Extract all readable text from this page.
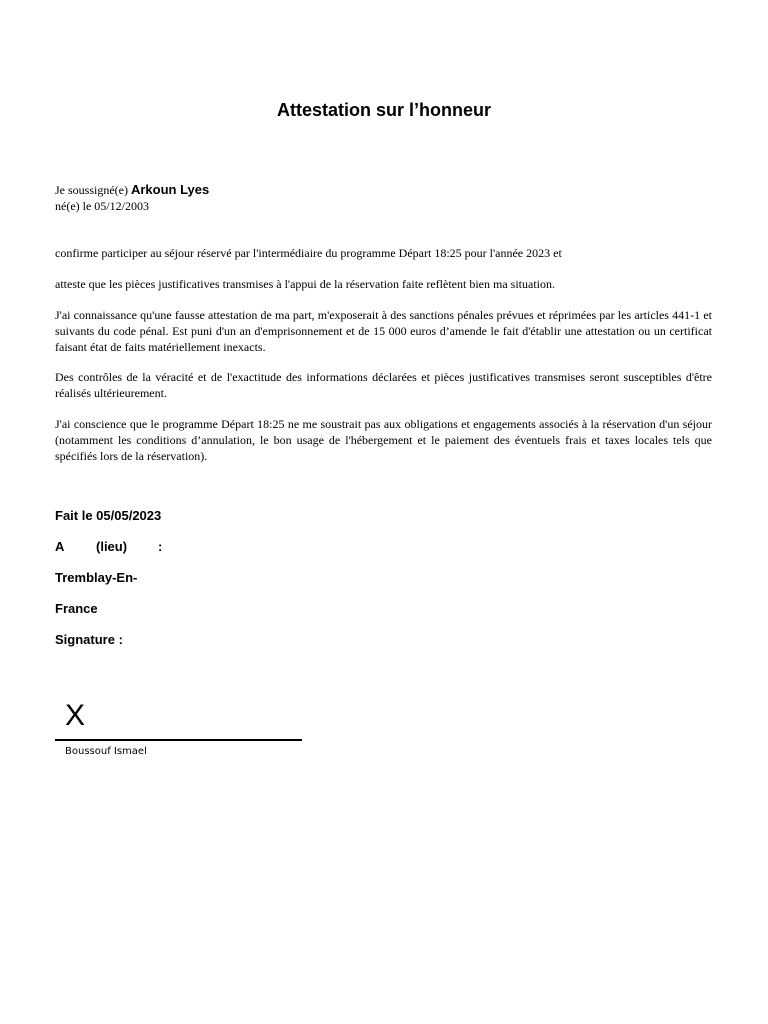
Attestation sur l’honneur
Je soussigné(e) Arkoun Lyes
né(e) le 05/12/2003

confirme participer au séjour réservé par l'intermédiaire du programme Départ 18:25 pour l'année 2023 et

atteste que les pièces justificatives transmises à l'appui de la réservation faite reflètent bien ma situation.

J'ai connaissance qu'une fausse attestation de ma part, m'exposerait à des sanctions pénales prévues et réprimées par les articles 441-1 et suivants du code pénal. Est puni d'un an d'emprisonnement et de 15 000 euros d’amende le fait d'établir une attestation ou un certificat faisant état de faits matériellement inexacts.

Des contrôles de la véracité et de l'exactitude des informations déclarées et pièces justificatives transmises seront susceptibles d'être réalisés ultérieurement.

J'ai conscience que le programme Départ 18:25 ne me soustrait pas aux obligations et engagements associés à la réservation d'un séjour (notamment les conditions d’annulation, le bon usage de l'hébergement et le paiement des éventuels frais et taxes locales tels que spécifiés lors de la réservation).

Fait le 05/05/2023

A (lieu) :

Tremblay-En-

France

Signature :

X
Boussouf Ismael
